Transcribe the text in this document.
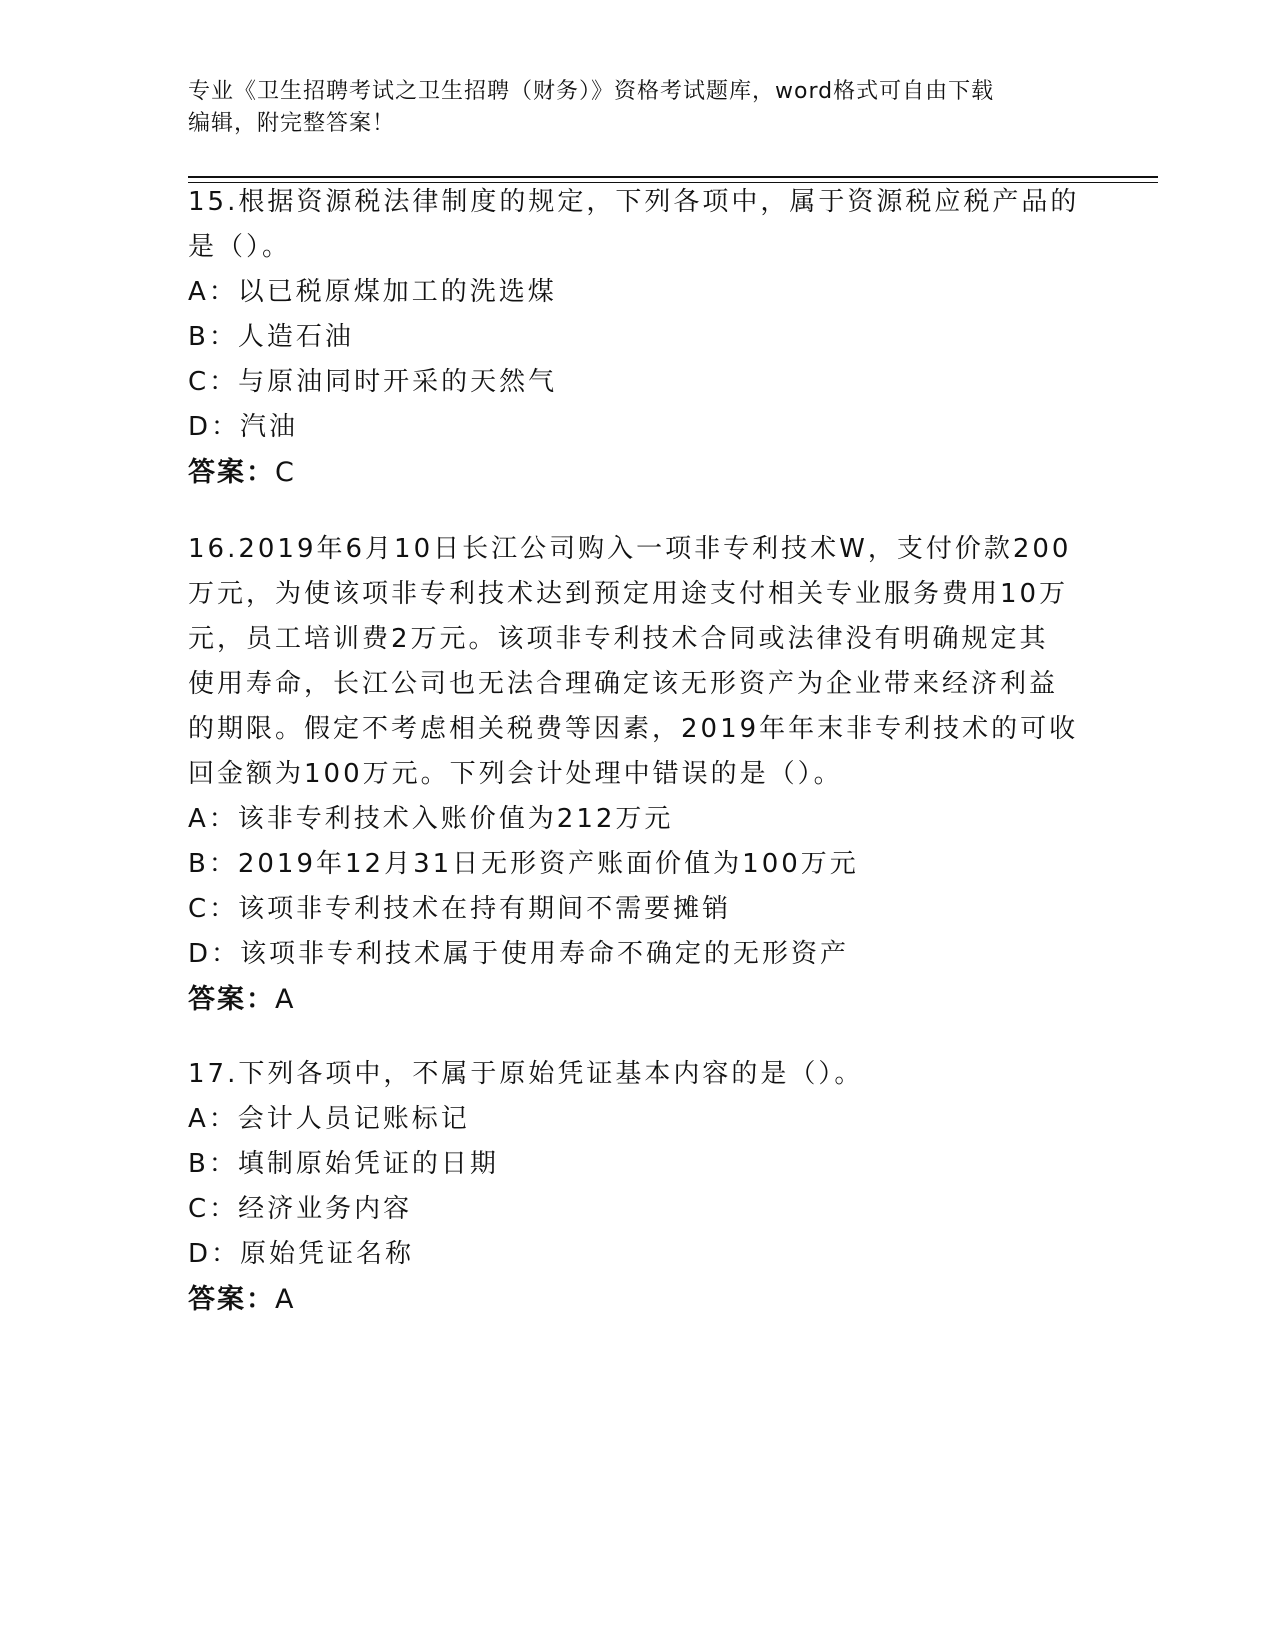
专业《卫生招聘考试之卫生招聘（财务）》资格考试题库，word格式可自由下载
编辑，附完整答案！

15.根据资源税法律制度的规定，下列各项中，属于资源税应税产品的

是（）。

A：以已税原煤加工的洗选煤

B：人造石油

C：与原油同时开采的天然气

D：汽油

答案：C

16.2019年6月10日长江公司购入一项非专利技术W，支付价款200

万元，为使该项非专利技术达到预定用途支付相关专业服务费用10万

元，员工培训费2万元。该项非专利技术合同或法律没有明确规定其

使用寿命，长江公司也无法合理确定该无形资产为企业带来经济利益

的期限。假定不考虑相关税费等因素，2019年年末非专利技术的可收

回金额为100万元。下列会计处理中错误的是（）。

A：该非专利技术入账价值为212万元

B：2019年12月31日无形资产账面价值为100万元

C：该项非专利技术在持有期间不需要摊销

D：该项非专利技术属于使用寿命不确定的无形资产

答案：A

17.下列各项中，不属于原始凭证基本内容的是（）。

A：会计人员记账标记

B：填制原始凭证的日期

C：经济业务内容

D：原始凭证名称

答案：A
